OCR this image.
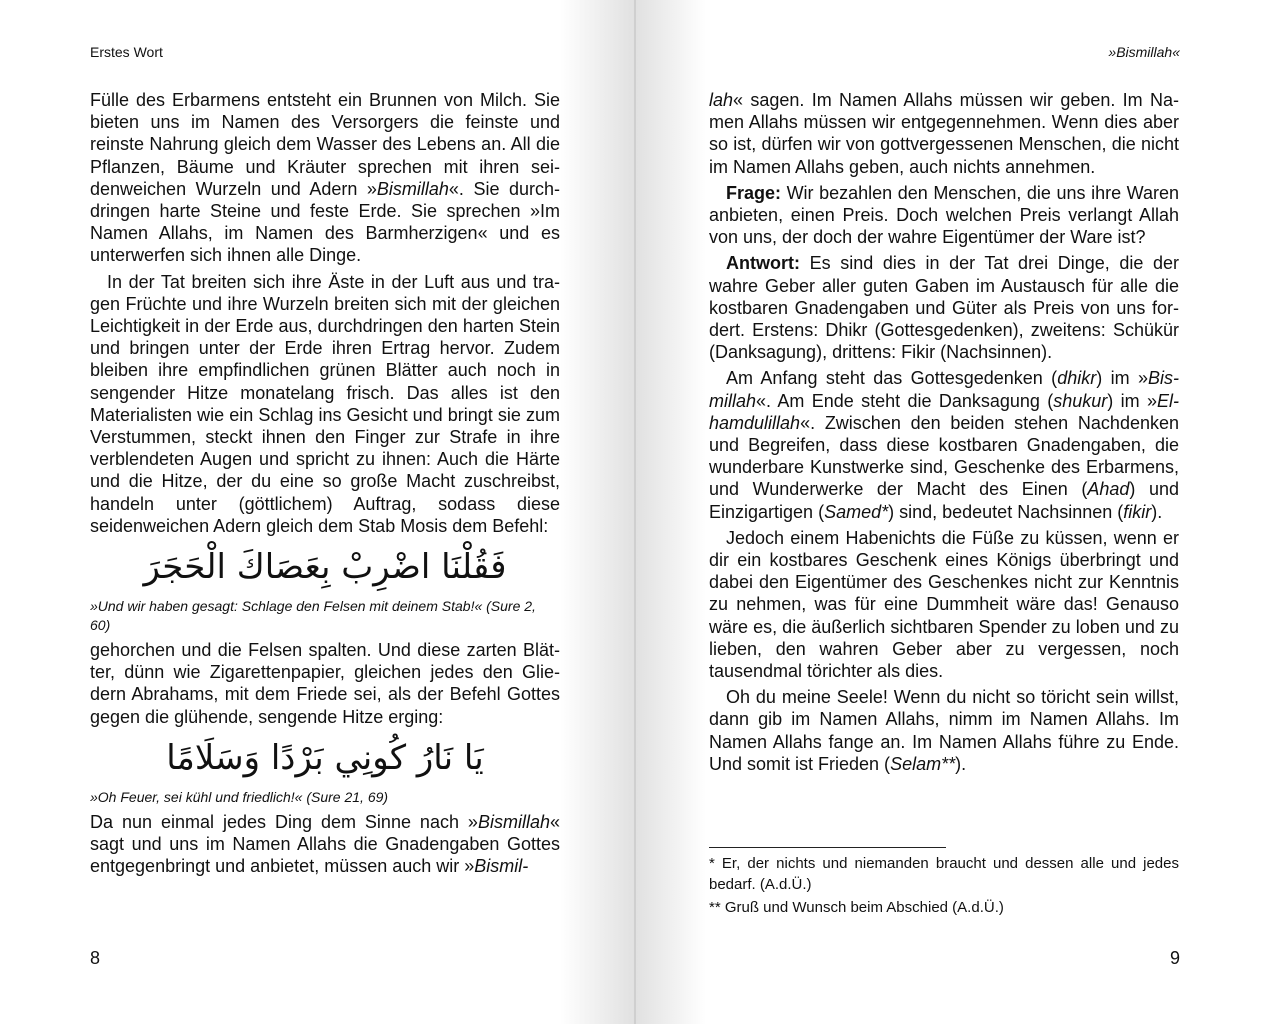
Erstes Wort

Fülle des Erbarmens entsteht ein Brunnen von Milch. Sie bieten uns im Namen des Versorgers die feinste und reinste Nahrung gleich dem Wasser des Lebens an. All die Pflanzen, Bäume und Kräuter sprechen mit ihren seidenweichen Wurzeln und Adern »Bismillah«. Sie durchdringen harte Steine und feste Erde. Sie sprechen »Im Namen Allahs, im Namen des Barmherzigen« und es unterwerfen sich ihnen alle Dinge.

In der Tat breiten sich ihre Äste in der Luft aus und tragen Früchte und ihre Wurzeln breiten sich mit der gleichen Leichtigkeit in der Erde aus, durchdringen den harten Stein und bringen unter der Erde ihren Ertrag hervor. Zudem bleiben ihre empfindlichen grünen Blätter auch noch in sengender Hitze monatelang frisch. Das alles ist den Materialisten wie ein Schlag ins Gesicht und bringt sie zum Verstummen, steckt ihnen den Finger zur Strafe in ihre verblendeten Augen und spricht zu ihnen: Auch die Härte und die Hitze, der du eine so große Macht zuschreibst, handeln unter (göttlichem) Auftrag, sodass diese seidenweichen Adern gleich dem Stab Mosis dem Befehl:

فَقُلْنَا اضْرِبْ بِعَصَاكَ الْحَجَرَ

»Und wir haben gesagt: Schlage den Felsen mit deinem Stab!« (Sure 2, 60)

gehorchen und die Felsen spalten. Und diese zarten Blätter, dünn wie Zigarettenpapier, gleichen jedes den Gliedern Abrahams, mit dem Friede sei, als der Befehl Gottes gegen die glühende, sengende Hitze erging:

يَا نَارُ كُونِي بَرْدًا وَسَلَامًا

»Oh Feuer, sei kühl und friedlich!« (Sure 21, 69)

Da nun einmal jedes Ding dem Sinne nach »Bismillah« sagt und uns im Namen Allahs die Gnadengaben Gottes entgegenbringt und anbietet, müssen auch wir »Bismil-

8
»Bismillah«

lah« sagen. Im Namen Allahs müssen wir geben. Im Namen Allahs müssen wir entgegennehmen. Wenn dies aber so ist, dürfen wir von gottvergessenen Menschen, die nicht im Namen Allahs geben, auch nichts annehmen.

Frage: Wir bezahlen den Menschen, die uns ihre Waren anbieten, einen Preis. Doch welchen Preis verlangt Allah von uns, der doch der wahre Eigentümer der Ware ist?

Antwort: Es sind dies in der Tat drei Dinge, die der wahre Geber aller guten Gaben im Austausch für alle die kostbaren Gnadengaben und Güter als Preis von uns fordert. Erstens: Dhikr (Gottesgedenken), zweitens: Schükür (Danksagung), drittens: Fikir (Nachsinnen).

Am Anfang steht das Gottesgedenken (dhikr) im »Bismillah«. Am Ende steht die Danksagung (shukur) im »Elhamdulillah«. Zwischen den beiden stehen Nachdenken und Begreifen, dass diese kostbaren Gnadengaben, die wunderbare Kunstwerke sind, Geschenke des Erbarmens, und Wunderwerke der Macht des Einen (Ahad) und Einzigartigen (Samed*) sind, bedeutet Nachsinnen (fikir).

Jedoch einem Habenichts die Füße zu küssen, wenn er dir ein kostbares Geschenk eines Königs überbringt und dabei den Eigentümer des Geschenkes nicht zur Kenntnis zu nehmen, was für eine Dummheit wäre das! Genauso wäre es, die äußerlich sichtbaren Spender zu loben und zu lieben, den wahren Geber aber zu vergessen, noch tausendmal törichter als dies.

Oh du meine Seele! Wenn du nicht so töricht sein willst, dann gib im Namen Allahs, nimm im Namen Allahs. Im Namen Allahs fange an. Im Namen Allahs führe zu Ende. Und somit ist Frieden (Selam**).

* Er, der nichts und niemanden braucht und dessen alle und jedes bedarf. (A.d.Ü.)

** Gruß und Wunsch beim Abschied (A.d.Ü.)

9
